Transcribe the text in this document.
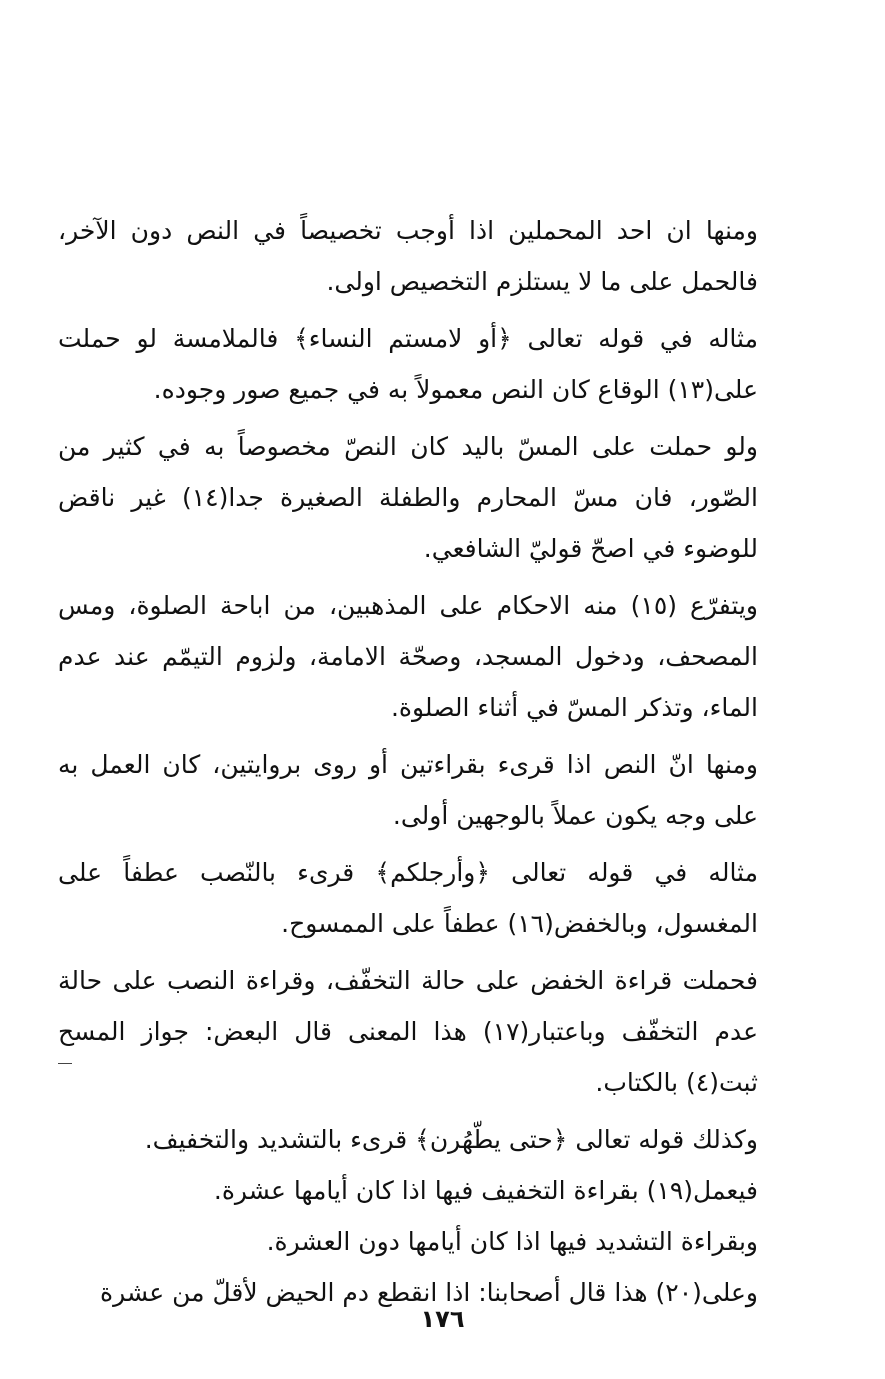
ومنها ان احد المحملين اذا أوجب تخصيصاً في النص دون الآخر، فالحمل على ما لا يستلزم التخصيص اولى.

مثاله في قوله تعالى ﴿أو لامستم النساء﴾ فالملامسة لو حملت على(١٣) الوقاع كان النص معمولاً به في جميع صور وجوده.

ولو حملت على المسّ باليد كان النصّ مخصوصاً به في كثير من الصّور، فان مسّ المحارم والطفلة الصغيرة جدا(١٤) غير ناقض للوضوء في اصحّ قوليّ الشافعي.

ويتفرّع (١٥) منه الاحكام على المذهبين، من اباحة الصلوة، ومس المصحف، ودخول المسجد، وصحّة الامامة، ولزوم التيمّم عند عدم الماء، وتذكر المسّ في أثناء الصلوة.

ومنها انّ النص اذا قرىء بقراءتين أو روى بروايتين، كان العمل به على وجه يكون عملاً بالوجهين أولى.

مثاله في قوله تعالى ﴿وأرجلكم﴾ قرىء بالنّصب عطفاً على المغسول، وبالخفض(١٦) عطفاً على الممسوح.

فحملت قراءة الخفض على حالة التخفّف، وقراءة النصب على حالة عدم التخفّف وباعتبار(١٧) هذا المعنى قال البعض: جواز المسح ثبت(٤) بالكتاب.

وكذلك قوله تعالى ﴿حتى يطّهُرن﴾ قرىء بالتشديد والتخفيف.

فيعمل(١٩) بقراءة التخفيف فيها اذا كان أيامها عشرة.

وبقراءة التشديد فيها اذا كان أيامها دون العشرة.

وعلى(٢٠) هذا قال أصحابنا: اذا انقطع دم الحيض لأقلّ من عشرة

١٧٦
